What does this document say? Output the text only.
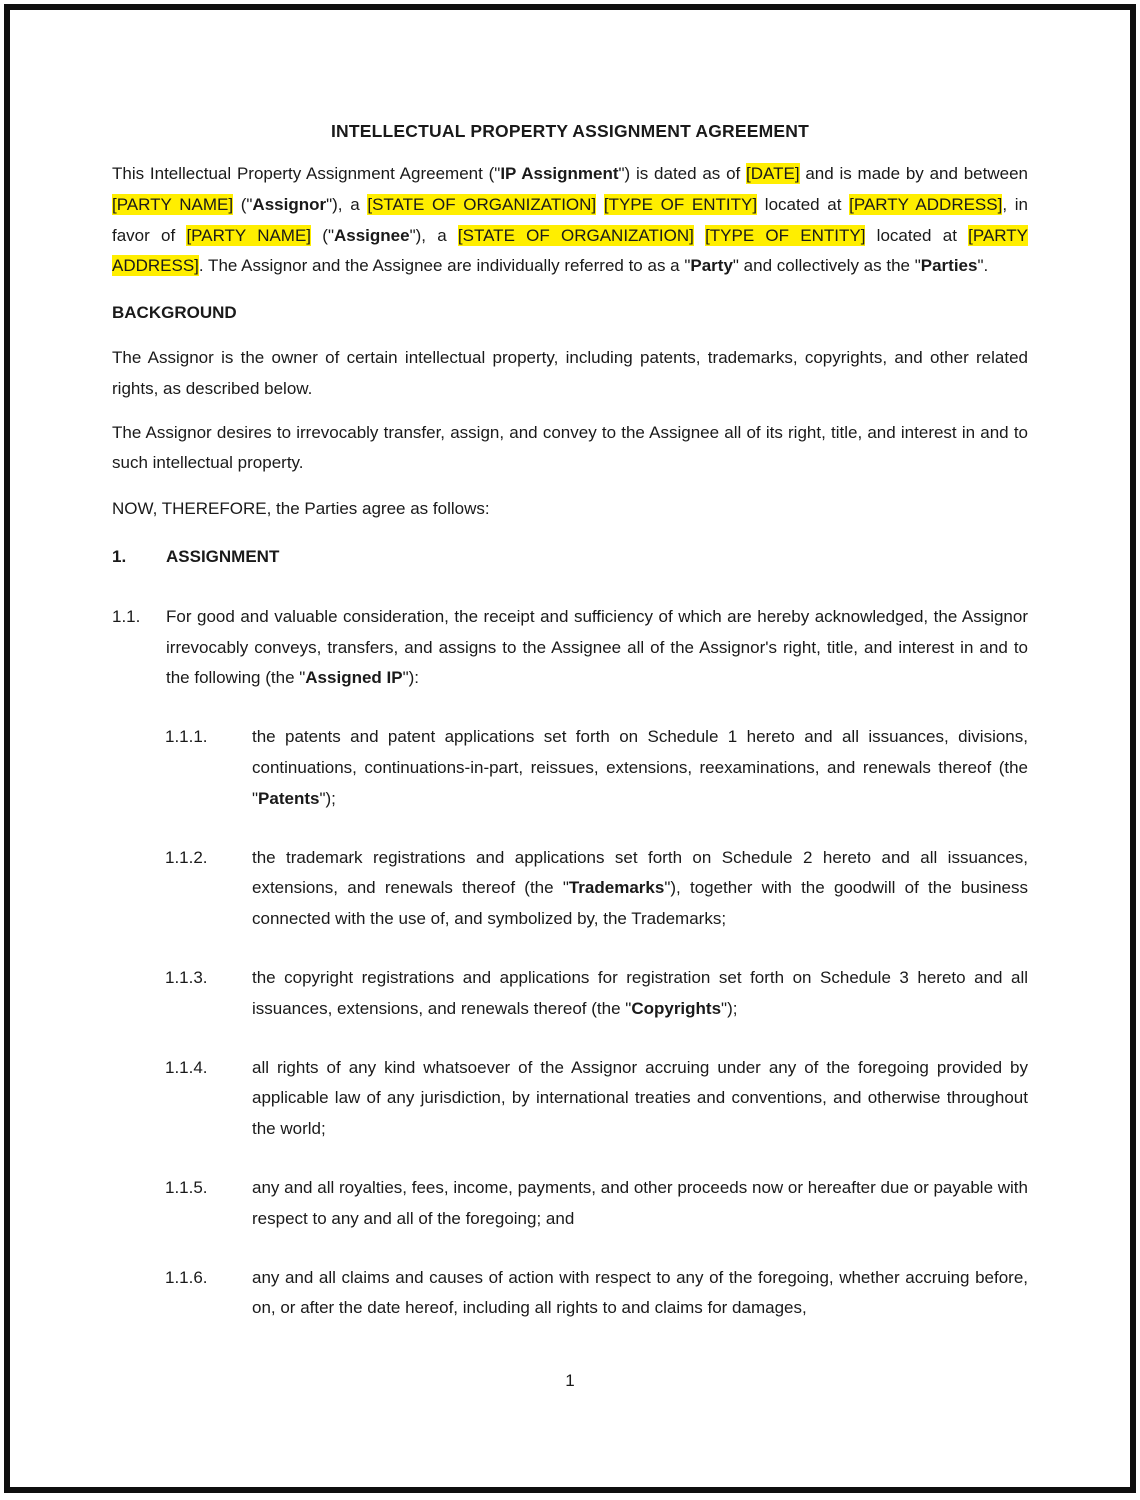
INTELLECTUAL PROPERTY ASSIGNMENT AGREEMENT

This Intellectual Property Assignment Agreement ("IP Assignment") is dated as of [DATE] and is made by and between [PARTY NAME] ("Assignor"), a [STATE OF ORGANIZATION] [TYPE OF ENTITY] located at [PARTY ADDRESS], in favor of [PARTY NAME] ("Assignee"), a [STATE OF ORGANIZATION] [TYPE OF ENTITY] located at [PARTY ADDRESS]. The Assignor and the Assignee are individually referred to as a "Party" and collectively as the "Parties".

BACKGROUND

The Assignor is the owner of certain intellectual property, including patents, trademarks, copyrights, and other related rights, as described below.

The Assignor desires to irrevocably transfer, assign, and convey to the Assignee all of its right, title, and interest in and to such intellectual property.

NOW, THEREFORE, the Parties agree as follows:

1.	ASSIGNMENT
1.1.	For good and valuable consideration, the receipt and sufficiency of which are hereby acknowledged, the Assignor irrevocably conveys, transfers, and assigns to the Assignee all of the Assignor's right, title, and interest in and to the following (the "Assigned IP"):
1.1.1.	the patents and patent applications set forth on Schedule 1 hereto and all issuances, divisions, continuations, continuations-in-part, reissues, extensions, reexaminations, and renewals thereof (the "Patents");
1.1.2.	the trademark registrations and applications set forth on Schedule 2 hereto and all issuances, extensions, and renewals thereof (the "Trademarks"), together with the goodwill of the business connected with the use of, and symbolized by, the Trademarks;
1.1.3.	the copyright registrations and applications for registration set forth on Schedule 3 hereto and all issuances, extensions, and renewals thereof (the "Copyrights");
1.1.4.	all rights of any kind whatsoever of the Assignor accruing under any of the foregoing provided by applicable law of any jurisdiction, by international treaties and conventions, and otherwise throughout the world;
1.1.5.	any and all royalties, fees, income, payments, and other proceeds now or hereafter due or payable with respect to any and all of the foregoing; and
1.1.6.	any and all claims and causes of action with respect to any of the foregoing, whether accruing before, on, or after the date hereof, including all rights to and claims for damages,
1
